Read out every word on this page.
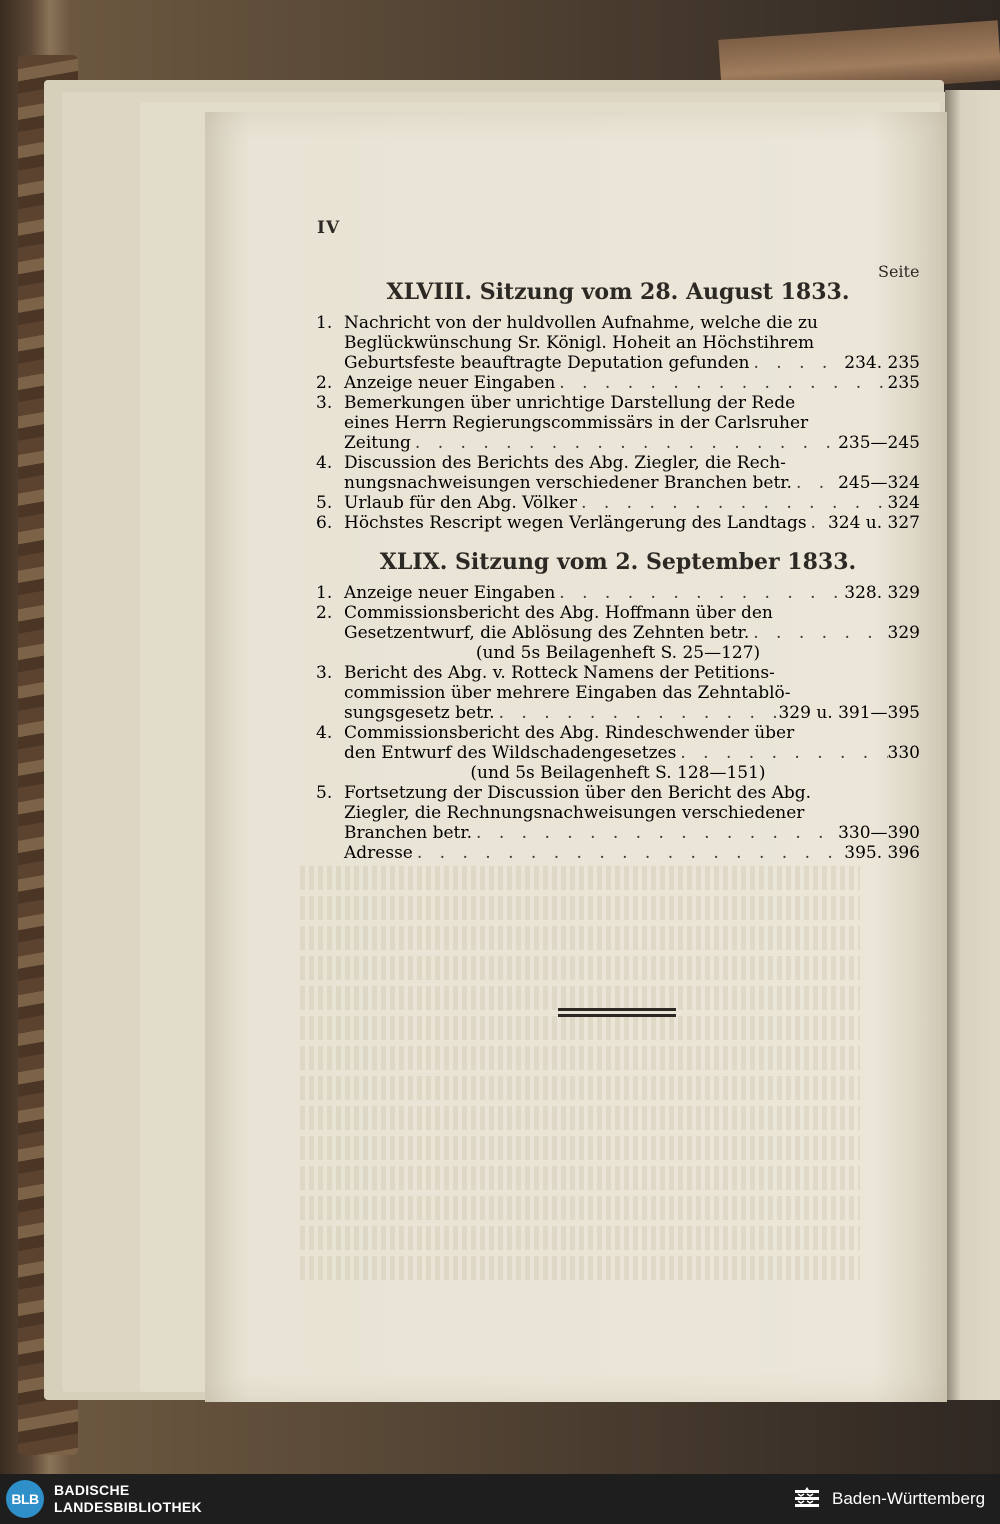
IV
Seite
XLVIII. Sitzung vom 28. August 1833.
1. Nachricht von der huldvollen Aufnahme, welche die zu
Beglückwünschung Sr. Königl. Hoheit an Höchstihrem
Geburtsfeste beauftragte Deputation gefunden . . .	234. 235
2. Anzeige neuer Eingaben . . .	235
3. Bemerkungen über unrichtige Darstellung der Rede
eines Herrn Regierungscommissärs in der Carlsruher
Zeitung . . .	235—245
4. Discussion des Berichts des Abg. Ziegler, die Rech-
nungsnachweisungen verschiedener Branchen betr. . . .	245—324
5. Urlaub für den Abg. Völker . . .	324
6. Höchstes Rescript wegen Verlängerung des Landtags . . . 324 u. 327
XLIX. Sitzung vom 2. September 1833.
1. Anzeige neuer Eingaben . . .	328. 329
2. Commissionsbericht des Abg. Hoffmann über den
Gesetzentwurf, die Ablösung des Zehnten betr. . . .	329
(und 5s Beilagenheft S. 25—127)
3. Bericht des Abg. v. Rotteck Namens der Petitions-
commission über mehrere Eingaben das Zehntablö-
sungsgesetz betr. . . .	329 u. 391—395
4. Commissionsbericht des Abg. Rindeschwender über
den Entwurf des Wildschadengesetzes . . .	330
(und 5s Beilagenheft S. 128—151)
5. Fortsetzung der Discussion über den Bericht des Abg.
Ziegler, die Rechnungsnachweisungen verschiedener
Branchen betr. . . .	330—390
Adresse . . .	395. 396
BLB
BADISCHE
LANDESBIBLIOTHEK	Baden-Württemberg
